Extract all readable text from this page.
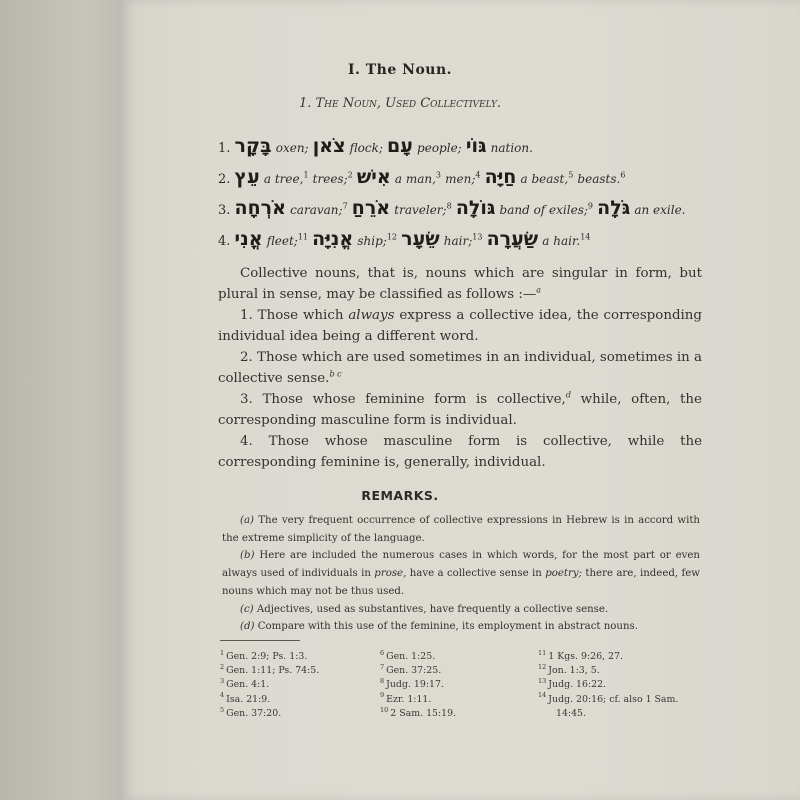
I. The Noun.
1. The Noun, Used Collectively.
1. בָּקָר oxen; צֹאן flock; עָם people; גּוֹי nation.
2. עֵץ a tree,$^1$ trees;$^2$ אִישׁ a man,$^3$ men;$^4$ חַיָּה a beast,$^5$ beasts.$^6$
3. אֹרְחָה caravan;$^7$ אֹרֵחַ traveler;$^8$ גּוֹלָה band of exiles;$^9$ גֹּלָה an exile.
4. אֳנִי fleet;$^{11}$ אֳנִיָּה ship;$^{12}$ שֵׂעָר hair;$^{13}$ שַׂעֲרָה a hair.$^{14}$

Collective nouns, that is, nouns which are singular in form, but plural in sense, may be classified as follows :—$^a$

1. Those which always express a collective idea, the corresponding individual idea being a different word.

2. Those which are used sometimes in an individual, sometimes in a collective sense.$^{b c}$

3. Those whose feminine form is collective,$^d$ while, often, the corresponding masculine form is individual.

4. Those whose masculine form is collective, while the corresponding feminine is, generally, individual.

REMARKS.

(a) The very frequent occurrence of collective expressions in Hebrew is in accord with the extreme simplicity of the language.

(b) Here are included the numerous cases in which words, for the most part or even always used of individuals in prose, have a collective sense in poetry; there are, indeed, few nouns which may not be thus used.

(c) Adjectives, used as substantives, have frequently a collective sense.

(d) Compare with this use of the feminine, its employment in abstract nouns.

$^1$ Gen. 2:9; Ps. 1:3.
$^2$ Gen. 1:11; Ps. 74:5.
$^3$ Gen. 4:1.
$^4$ Isa. 21:9.
$^5$ Gen. 37:20.
$^6$ Gen. 1:25.
$^7$ Gen. 37:25.
$^8$ Judg. 19:17.
$^9$ Ezr. 1:11.
$^{10}$ 2 Sam. 15:19.
$^{11}$ 1 Kgs. 9:26, 27.
$^{12}$ Jon. 1:3, 5.
$^{13}$ Judg. 16:22.
$^{14}$ Judg. 20:16; cf. also 1 Sam.
14:45.
